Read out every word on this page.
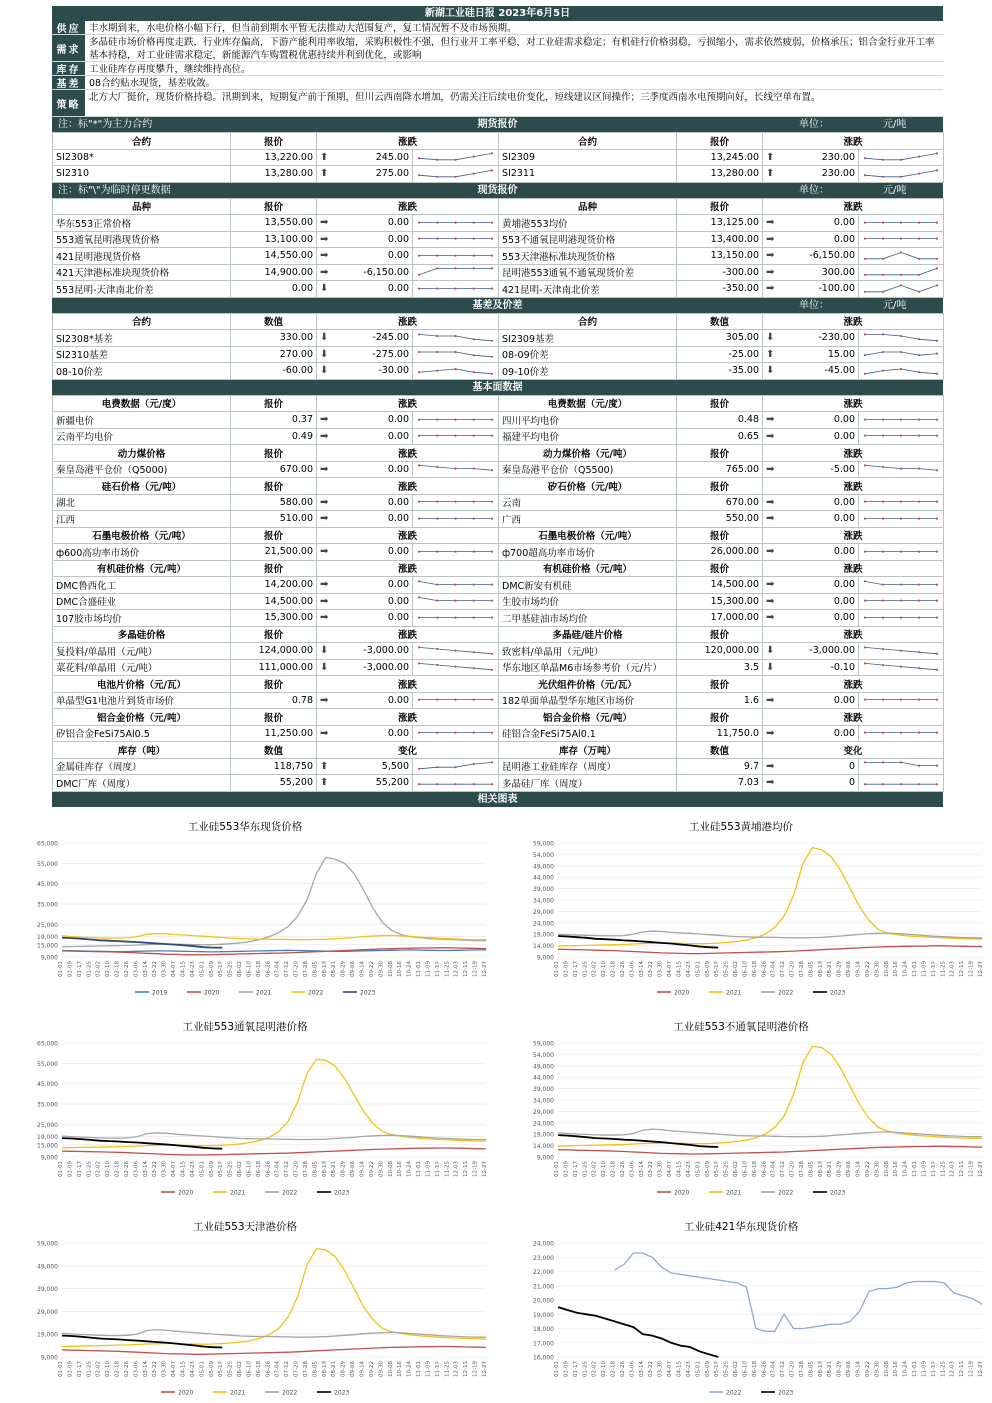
新湖工业硅日报 2023年6月5日
供应 丰水期到来，水电价格小幅下行，但当前到期水平暂无法推动大范围复产，复工情况暂不及市场预期。
需求
多晶硅市场价格再度走跌，行业库存偏高，下游产能利用率收缩，采购积极性不强，但行业开工率平稳，对工业硅需求稳定；有机硅行价格弱稳，亏损缩小，需求依然疲弱，价格承压；铝合金行业开工率基本持稳，对工业硅需求稳定，新能源汽车购置税优惠持续并利到优化，或影响
库存 工业硅库存再度攀升，继续维持高位。
基差 08合约贴水现货，基差收敛。
策略
北方大厂挺价，现货价格持稳。汛期到来，短期复产前于预期，但川云西南降水增加，仍需关注后续电价变化，短线建议区间操作；三季度西南水电预期向好，长线空单布置。
注：标"*"为主力合约	期货报价	单位：	元/吨
合约	报价	涨跌		合约	报价	涨跌	
SI2308*	13,220.00	⬆ 245.00		SI2309	13,245.00	⬆ 230.00

SI2310	13,280.00	⬆ 275.00		SI2311	13,280.00	⬆ 230.00

注：标"\"为临时停更数据	现货报价	单位：	元/吨
品种	报价	涨跌		品种	报价	涨跌	
华东553正常价格	13,550.00	➡ 0.00		黄埔港553均价	13,125.00	➡ 0.00

553通氧昆明港现货价格	13,100.00	➡ 0.00		553不通氧昆明港现货价格	13,400.00	➡ 0.00

421昆明港现货价格	14,550.00	➡ 0.00		553天津港标准块现货价格	13,150.00	➡ -6,150.00

421天津港标准块现货价格	14,900.00	➡ -6,150.00		昆明港553通氧不通氧现货价差	-300.00	➡ 300.00

553昆明-天津南北价差	0.00	⬇ 0.00		421昆明-天津南北价差	-350.00	➡ -100.00

基差及价差	单位：	元/吨
合约	数值	涨跌		合约	数值	涨跌	
SI2308*基差	330.00	⬇ -245.00		SI2309基差	305.00	⬇ -230.00

SI2310基差	270.00	⬇ -275.00		08-09价差	-25.00	⬆ 15.00

08-10价差	-60.00	⬇ -30.00		09-10价差	-35.00	⬇ -45.00

基本面数据
电费数据（元/度）	报价	涨跌		电费数据（元/度）	报价	涨跌	
新疆电价	0.37	➡ 0.00		四川平均电价	0.48	➡ 0.00

云南平均电价	0.49	➡ 0.00		福建平均电价	0.65	➡ 0.00

动力煤价格	报价	涨跌		动力煤价格（元/吨）	报价	涨跌	
秦皇岛港平仓价（Q5000)	670.00	➡ 0.00		秦皇岛港平仓价（Q5500)	765.00	➡ -5.00

硅石价格（元/吨）	报价	涨跌		矽石价格（元/吨）	报价	涨跌	
湖北	580.00	➡ 0.00		云南	670.00	➡ 0.00

江西	510.00	➡ 0.00		广西	550.00	➡ 0.00

石墨电极价格（元/吨）	报价	涨跌		石墨电极价格（元/吨）	报价	涨跌	
ф600高功率市场价	21,500.00	➡ 0.00		ф700超高功率市场价	26,000.00	➡ 0.00

有机硅价格（元/吨）	报价	涨跌		有机硅价格（元/吨）	报价	涨跌	
DMC鲁西化工	14,200.00	➡ 0.00		DMC新安有机硅	14,500.00	➡ 0.00

DMC合盛硅业	14,500.00	➡ 0.00		生胶市场均价	15,300.00	➡ 0.00

107胶市场均价	15,300.00	➡ 0.00		二甲基硅油市场均价	17,000.00	➡ 0.00

多晶硅价格	报价	涨跌		多晶硅/硅片价格	报价	涨跌	
复投料/单晶用（元/吨）	124,000.00	⬇ -3,000.00		致密料/单晶用（元/吨）	120,000.00	⬇ -3,000.00

菜花料/单晶用（元/吨）	111,000.00	⬇ -3,000.00		华东地区单晶M6市场参考价（元/片）	3.5	⬇ -0.10

电池片价格（元/瓦）	报价	涨跌		光伏组件价格（元/瓦）	报价	涨跌	
单晶型G1电池片到货市场价	0.78	➡ 0.00		182单面单晶型华东地区市场价	1.6	➡ 0.00

铝合金价格（元/吨）	报价	涨跌		铝合金价格（元/吨）	报价	涨跌	
矽铝合金FeSi75Al0.5	11,250.00	➡ 0.00		硅铝合金FeSi75Al0.1	11,750.0	➡ 0.00

库存（吨）	数值	变化		库存（万吨）	数值	变化	
金属硅库存（周度）	118,750	⬆ 5,500		昆明港工业硅库存（周度）	9.7	➡ 0

DMC厂库（周度）	55,200	⬆ 55,200		多晶硅厂库（周度）	7.03	➡ 0

相关图表
9,000
15,000
19,000
25,000
35,000
45,000
55,000
65,000
01-01 01-09 01-17 01-25 02-02 02-10 02-18 02-26 03-06 03-14 03-22 03-30 04-07 04-15 04-23 05-01 05-09 05-17 05-25 06-02 06-10 06-18 06-26 07-04 07-12 07-20 07-28 08-05 08-13 08-21 08-29 09-06 09-14 09-22 09-30 10-08 10-16 10-24 11-01 11-09 11-17 11-25 12-03 12-11 12-19 12-27
2019	2020	2021	2022	2023
工业硅553华东现货价格
9,000
14,000
19,000
24,000
29,000
34,000
39,000
44,000
49,000
54,000
59,000
01-01 01-09 01-17 01-25 02-02 02-10 02-18 02-26 03-06 03-14 03-22 03-30 04-07 04-15 04-23 05-01 05-09 05-17 05-25 06-02 06-10 06-18 06-26 07-04 07-12 07-20 07-28 08-05 08-13 08-21 08-29 09-06 09-14 09-22 09-30 10-08 10-16 10-24 11-01 11-09 11-17 11-25 12-03 12-11 12-19 12-27
2020	2021	2022	2023
工业硅553黄埔港均价
9,000
15,000
19,000
25,000
35,000
45,000
55,000
65,000
01-01 01-09 01-17 01-25 02-02 02-10 02-18 02-26 03-06 03-14 03-22 03-30 04-07 04-15 04-23 05-01 05-09 05-17 05-25 06-02 06-10 06-18 06-26 07-04 07-12 07-20 07-28 08-05 08-13 08-21 08-29 09-06 09-14 09-22 09-30 10-08 10-16 10-24 11-01 11-09 11-17 11-25 12-03 12-11 12-19 12-27
2020	2021	2022	2023
工业硅553通氧昆明港价格
9,000
14,000
19,000
24,000
29,000
34,000
39,000
44,000
49,000
54,000
59,000
01-01 01-09 01-17 01-25 02-02 02-10 02-18 02-26 03-06 03-14 03-22 03-30 04-07 04-15 04-23 05-01 05-09 05-17 05-25 06-02 06-10 06-18 06-26 07-04 07-12 07-20 07-28 08-05 08-13 08-21 08-29 09-06 09-14 09-22 09-30 10-08 10-16 10-24 11-01 11-09 11-17 11-25 12-03 12-11 12-19 12-27
2020	2021	2022	2023
工业硅553不通氧昆明港价格
9,000
19,000
29,000
39,000
49,000
59,000
01-01 01-09 01-17 01-25 02-02 02-10 02-18 02-26 03-06 03-14 03-22 03-30 04-07 04-15 04-23 05-01 05-09 05-17 05-25 06-02 06-10 06-18 06-26 07-04 07-12 07-20 07-28 08-05 08-13 08-21 08-29 09-06 09-14 09-22 09-30 10-08 10-16 10-24 11-01 11-09 11-17 11-25 12-03 12-11 12-19 12-27
2020	2021	2022	2023
工业硅553天津港价格
16,000
17,000
18,000
19,000
20,000
21,000
22,000
23,000
24,000
01-01 01-09 01-17 01-25 02-02 02-10 02-18 02-26 03-06 03-14 03-22 03-30 04-07 04-15 04-23 05-01 05-09 05-17 05-25 06-02 06-10 06-18 06-26 07-04 07-12 07-20 07-28 08-05 08-13 08-21 08-29 09-06 09-14 09-22 09-30 10-08 10-16 10-24 11-01 11-09 11-17 11-25 12-03 12-11 12-19 12-27
2022	2023
工业硅421华东现货价格
